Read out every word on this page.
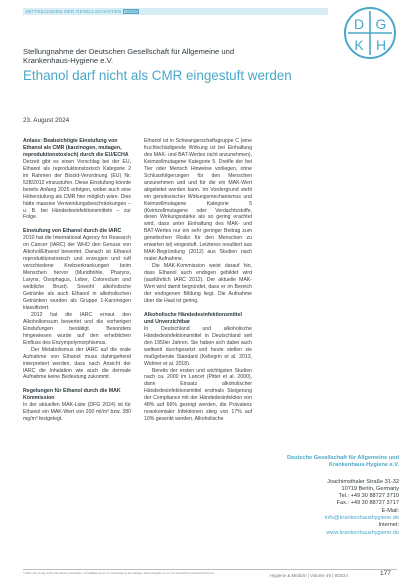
MITTEILUNGEN DER GESELLSCHAFTEN DGKH
D G
K H
Stellungnahme der Deutschen Gesellschaft für Allgemeine und Krankenhaus-Hygiene e.V.
Ethanol darf nicht als CMR eingestuft werden
23. August 2024
Anlass: Beabsichtigte Einstufung von Ethanol als CMR (karzinogen, mutagen, reproduktionstoxisch) durch die EU/ECHA

Derzeit gibt es einen Vorschlag bei der EU, Ethanol als reproduktionstoxisch Kategorie 2 im Rahmen der Biozid-Verordnung (EU) Nr. 528/2012 einzustufen. Diese Einstufung könnte bereits Anfang 2025 erfolgen, wobei auch eine Höherstufung als CMR hier möglich wäre. Dies hätte massive Verwendungsbeschränkungen – u. B. bei Händedesinfektionsmitteln – zur Folge.

Einstufung von Ethanol durch die IARC

2010 hat die International Agency for Research on Cancer (IARC) der WHO den Genuss von Alkohol/Ethanol bewertet. Danach ist Ethanol reproduktionstoxisch und erzeugen und ruft verschiedene Krebserkrankungen beim Menschen hervor (Mundhöhle, Pharynx, Larynx, Ösophagus, Leber, Colorectum und weibliche Brust). Sowohl alkoholische Getränke als auch Ethanol in alkoholischen Getränken wurden als Gruppe 1-Karzinogen klassifiziert.

2012 hat die IARC erneut den Alkoholkonsum bewertet und die vorherigen Einstufungen bestätigt. Besonders hingewiesen wurde auf den erheblichen Einfluss des Enzympolymorphismus.

Der Metabolismus der IARC auf die orale Aufnahme von Ethanol muss dahingehend interpretiert werden, dass nach Ansicht der IARC die Inhalation wie auch die dermale Aufnahme keine Bedeutung zukommt.

Regelungen für Ethanol durch die MAK Kommission

In der aktuellen MAK-Liste (DFG 2024) ist für Ethanol ein MAK-Wert von 200 ml/m³ bzw. 380 mg/m³ festgelegt.

Ethanol ist in Schwangerschaftsgruppe C (eine fruchtschädigende Wirkung ist bei Einhaltung des MAK- und BAT-Wertes nicht anzunehmen), Keimzellmutagene Kategorie 5. Dreifle der bei Tier oder Mensch Hinweise vorliegen, ohne Schlussfolgerungen für den Menschen anzunehmen und und für die ein MAK-Wert abgeleitet werden kann. Im Vordergrund steht ein genotoxischer Wirkungsmechanismus und Keimzellmutagene Kategorie 5 (Keimzellmutagene oder Verdachtsstoffe, deren Wirkungsstärke als so gering erachtet wird, dass unter Einhaltung des MAK- und BAT-Wertes nur ein sehr geringer Beitrag zum genetischen Risiko für den Menschen zu erwarten ist) eingestuft. Letzteres resultiert aus MAK-Begründung (2012) aus Studien nach oraler Aufnahme.

Die MAK-Kommission weist darauf hin, dass Ethanol auch endogen gebildet wird (ausführlich IARC 2012). Der aktuelle MAK-Wert wird damit begründet, dass er im Bereich der endogenen Bildung liegt. Die Aufnahme über die Haut ist gering.

Alkoholische Händedesinfektionsmittel und Unverzichtbar

In Deutschland und alkoholische Händedesinfektionsmittel in Deutschland seit den 1950er Jahren. Sie haben sich dabei auch weltweit durchgesetzt und heute stellen sie maßgebende Standard (Kellegrin et al. 2013, Widmer et al. 2018).

Bereits der ersten und wichtigsten Studien nach ca. 2000 im Lancet (Pittet et al. 2000), dann Einsatz alkoholischer Händedesinfektionsmittel erstmals Steigerung der Compliance mit der Händedesinfektion von 48% auf 66% gezeigt werden, die Prävalenz nosokomialer Infektionen stieg von 17% auf 10% gesenkt werden. Alkoholische

Deutsche Gesellschaft für Allgemeine und Krankenhaus-Hygiene e.V.
Joachimsthaler Straße 31-32
10719 Berlin, Germany
Tel.: +49 30 88727 3710
Fax.: +49 30 88727 3717
E-Mail:
info@krankenhaushygiene.de
Internet:
www.krankenhaushygiene.de
© 2024 mhp Verlag GmbH. Alle Rechte vorbehalten. Vervielfältigung nur mit Genehmigung des Verlages. Diese Ausgabe ist nur zum persönlichen Gebrauch bestimmt.	Hygiene & Medizin | Volume 49 | 9/2024	177
